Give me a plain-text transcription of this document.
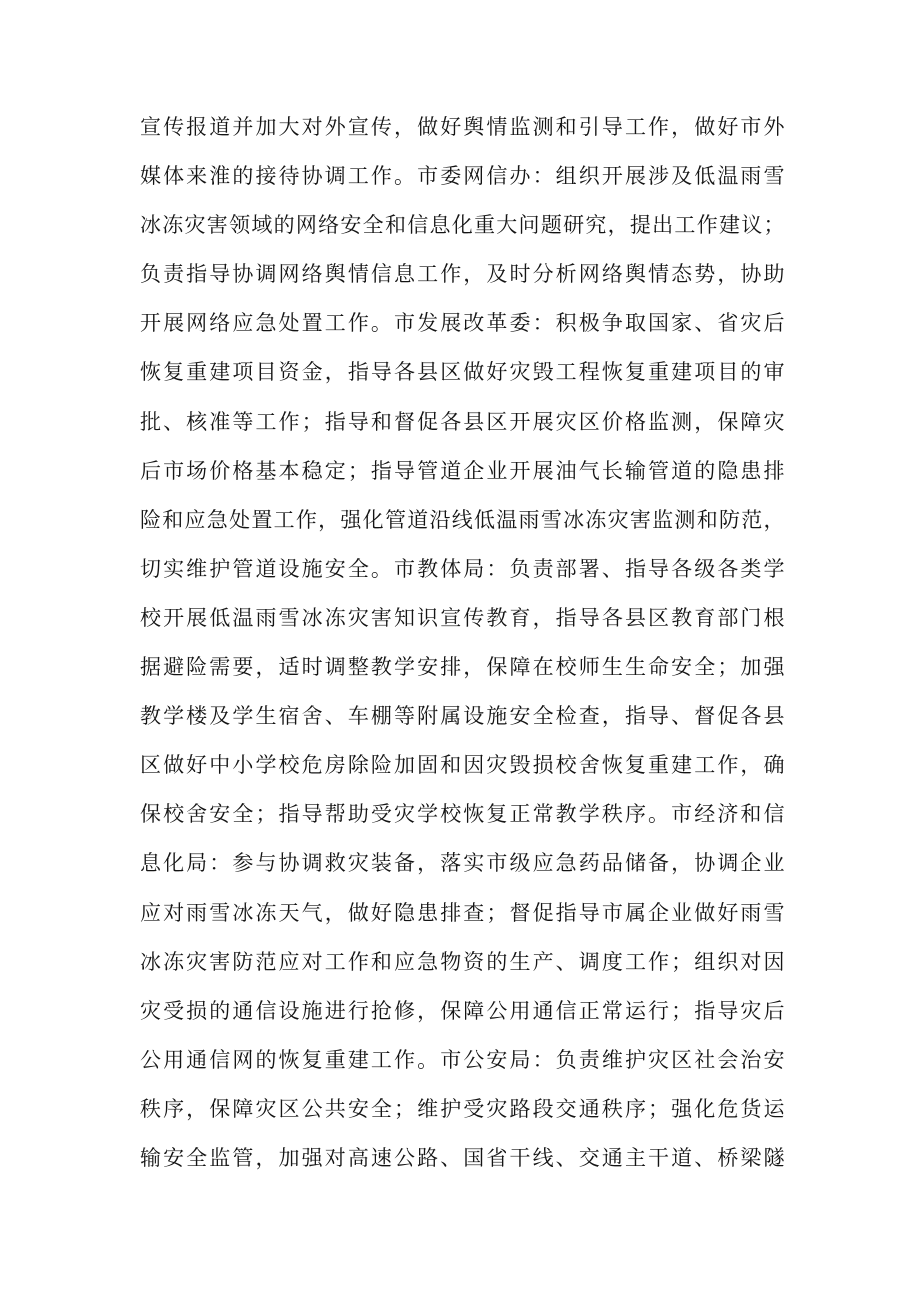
宣传报道并加大对外宣传，做好舆情监测和引导工作，做好市外
媒体来淮的接待协调工作。市委网信办：组织开展涉及低温雨雪
冰冻灾害领域的网络安全和信息化重大问题研究，提出工作建议；
负责指导协调网络舆情信息工作，及时分析网络舆情态势，协助
开展网络应急处置工作。市发展改革委：积极争取国家、省灾后
恢复重建项目资金，指导各县区做好灾毁工程恢复重建项目的审
批、核准等工作；指导和督促各县区开展灾区价格监测，保障灾
后市场价格基本稳定；指导管道企业开展油气长输管道的隐患排
险和应急处置工作，强化管道沿线低温雨雪冰冻灾害监测和防范，
切实维护管道设施安全。市教体局：负责部署、指导各级各类学
校开展低温雨雪冰冻灾害知识宣传教育，指导各县区教育部门根
据避险需要，适时调整教学安排，保障在校师生生命安全；加强
教学楼及学生宿舍、车棚等附属设施安全检查，指导、督促各县
区做好中小学校危房除险加固和因灾毁损校舍恢复重建工作，确
保校舍安全；指导帮助受灾学校恢复正常教学秩序。市经济和信
息化局：参与协调救灾装备，落实市级应急药品储备，协调企业
应对雨雪冰冻天气，做好隐患排查；督促指导市属企业做好雨雪
冰冻灾害防范应对工作和应急物资的生产、调度工作；组织对因
灾受损的通信设施进行抢修，保障公用通信正常运行；指导灾后
公用通信网的恢复重建工作。市公安局：负责维护灾区社会治安
秩序，保障灾区公共安全；维护受灾路段交通秩序；强化危货运
输安全监管，加强对高速公路、国省干线、交通主干道、桥梁隧
